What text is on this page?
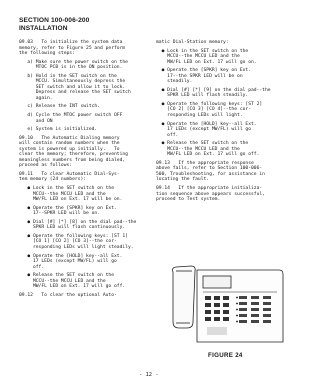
SECTION 100-006-200
INSTALLATION
09.03   To initialize the system data
memory, refer to Figure 25 and perform
the following steps:
a) Make sure the power switch on the
MTOC PCB is in the ON position.
b) Hold in the SET switch on the
MCCU. Simultaneously depress the
SET switch and allow it to lock.
Depress and release the SET switch
again.
c) Release the INT switch.
d) Cycle the MTOC power switch OFF
and ON
e) System is initialized.
09.10   The Automatic Dialing memory
will contain random numbers when the
system is powered up initially.   To
clear the memory; therefore, preventing
meaningless numbers from being dialed,
proceed as follows:
09.11   To clear Automatic Dial-Sys-
tem memory (24 numbers):
● Lock in the SET switch on the
MCCU--the MCCU LED and the
MW/FL LED on Ext. 17 will be on.
● Operate the [SPKR] key on Ext.
17--SPKR LED will be on.
● Dial [#] [*] [8] on the dial pad--the
SPKR LED will flash continuously.
● Operate the following keys: [ST 1]
[CO 1] [CO 2] [CO 3]--the cor-
responding LEDs will light steadily.
● Operate the [HOLD] key--all Ext.
17 LEDs (except MW/FL) will go
off.
● Release the SET switch on the
MCCU--the MCCU LED and the
MW/FL LED on Ext. 17 will go off.
09.12   To clear the optional Auto-
matic Dial-Station memory:
● Lock in the SET switch on the
MCCU--the MCCU LED and the
MW/FL LED on Ext. 17 will go on.
● Operate the [SPKR] key on Ext.
17--the SPKR LED will be on
steadily.
● Dial [#] [*] [9] on the dial pad--the
SPKR LED will flash steadily.
● Operate the following keys: [ST 2]
[CO 2] [CO 3] [CO 4]--the cor-
responding LEDs will light.
● Operate the [HOLD] key--all Ext.
17 LEDs (except MW/FL) will go
off.
● Release the SET switch on the
MCCU--the MCCU LED and the
MW/FL LED on Ext. 17 will go off.
09.13   If the appropriate response
above fails, refer to Section 100-006-
500, Troubleshooting, for assistance in
locating the fault.
09.14   If the appropriate initializa-
tion sequence above appears successful,
proceed to Test system.
FIGURE 24
- 12 -
